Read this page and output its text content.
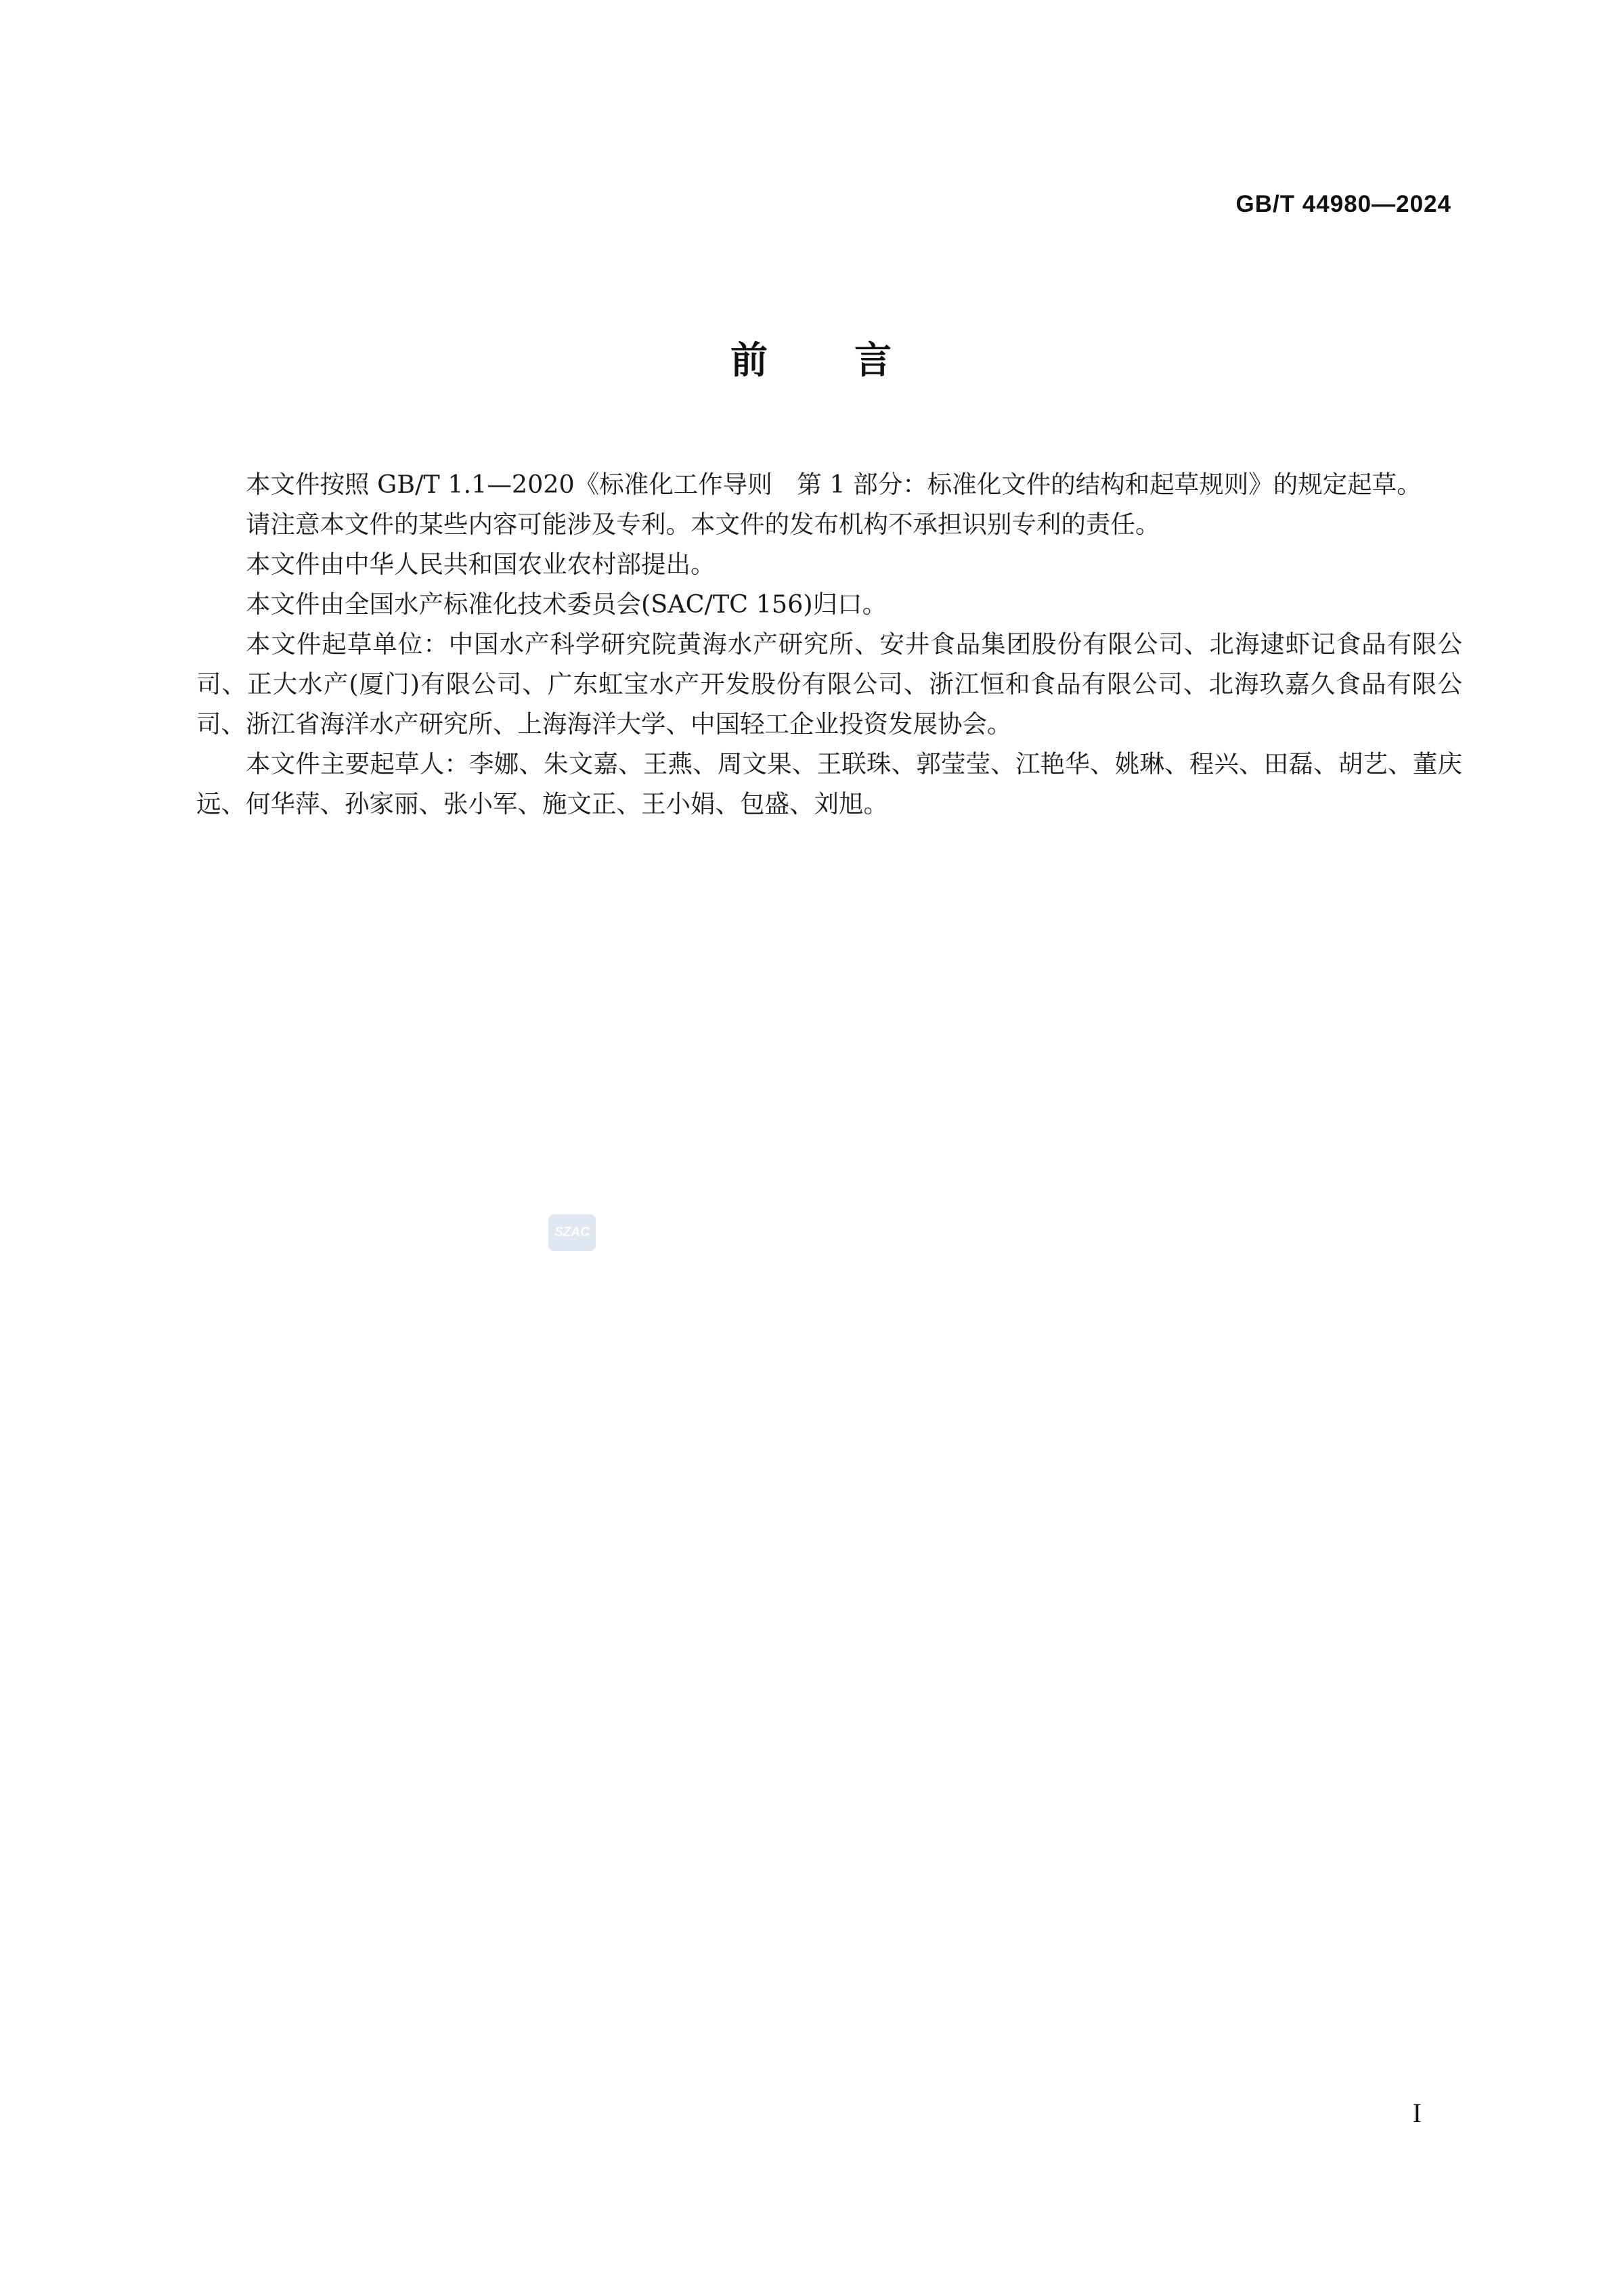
GB/T 44980—2024
前言

本文件按照 GB/T 1.1—2020《标准化工作导则　第 1 部分：标准化文件的结构和起草规则》的规定起草。

请注意本文件的某些内容可能涉及专利。本文件的发布机构不承担识别专利的责任。

本文件由中华人民共和国农业农村部提出。

本文件由全国水产标准化技术委员会(SAC/TC 156)归口。

本文件起草单位：中国水产科学研究院黄海水产研究所、安井食品集团股份有限公司、北海逮虾记食品有限公司、正大水产(厦门)有限公司、广东虹宝水产开发股份有限公司、浙江恒和食品有限公司、北海玖嘉久食品有限公司、浙江省海洋水产研究所、上海海洋大学、中国轻工企业投资发展协会。

本文件主要起草人：李娜、朱文嘉、王燕、周文果、王联珠、郭莹莹、江艳华、姚琳、程兴、田磊、胡艺、董庆远、何华萍、孙家丽、张小军、施文正、王小娟、包盛、刘旭。

SZAC
I
